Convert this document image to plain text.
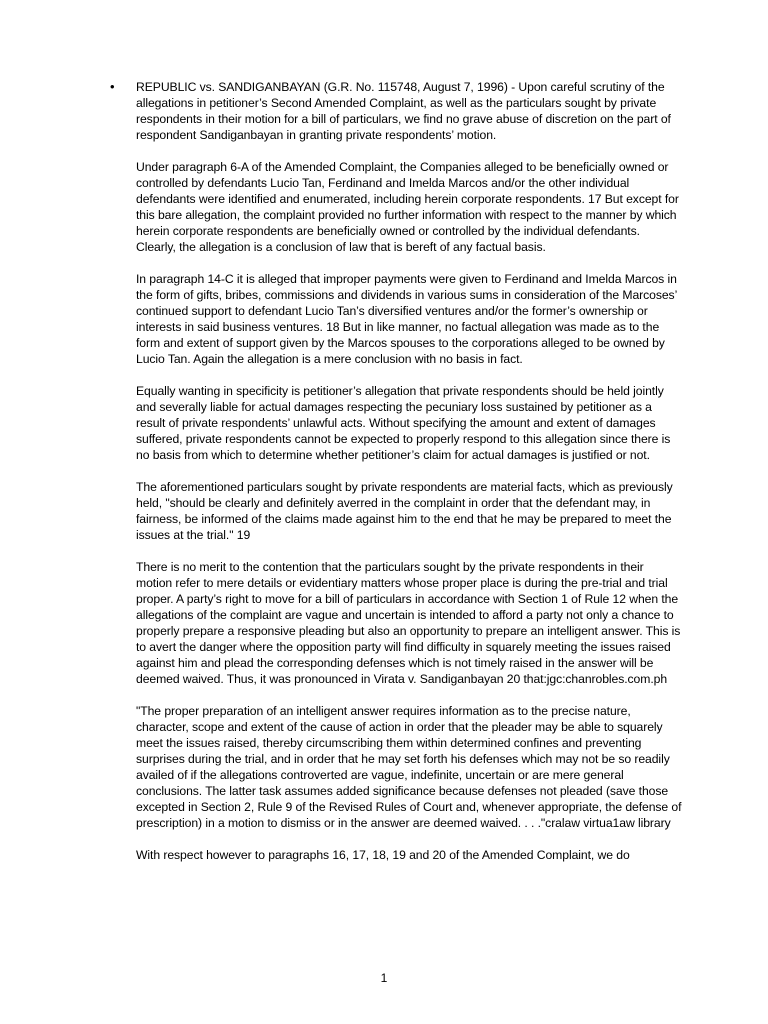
• REPUBLIC vs. SANDIGANBAYAN (G.R. No. 115748, August 7, 1996) - Upon careful scrutiny of the allegations in petitioner’s Second Amended Complaint, as well as the particulars sought by private respondents in their motion for a bill of particulars, we find no grave abuse of discretion on the part of respondent Sandiganbayan in granting private respondents’ motion.

Under paragraph 6-A of the Amended Complaint, the Companies alleged to be beneficially owned or controlled by defendants Lucio Tan, Ferdinand and Imelda Marcos and/or the other individual defendants were identified and enumerated, including herein corporate respondents. 17 But except for this bare allegation, the complaint provided no further information with respect to the manner by which herein corporate respondents are beneficially owned or controlled by the individual defendants. Clearly, the allegation is a conclusion of law that is bereft of any factual basis.

In paragraph 14-C it is alleged that improper payments were given to Ferdinand and Imelda Marcos in the form of gifts, bribes, commissions and dividends in various sums in consideration of the Marcoses’ continued support to defendant Lucio Tan’s diversified ventures and/or the former’s ownership or interests in said business ventures. 18 But in like manner, no factual allegation was made as to the form and extent of support given by the Marcos spouses to the corporations alleged to be owned by Lucio Tan. Again the allegation is a mere conclusion with no basis in fact.

Equally wanting in specificity is petitioner’s allegation that private respondents should be held jointly and severally liable for actual damages respecting the pecuniary loss sustained by petitioner as a result of private respondents’ unlawful acts. Without specifying the amount and extent of damages suffered, private respondents cannot be expected to properly respond to this allegation since there is no basis from which to determine whether petitioner’s claim for actual damages is justified or not.

The aforementioned particulars sought by private respondents are material facts, which as previously held, "should be clearly and definitely averred in the complaint in order that the defendant may, in fairness, be informed of the claims made against him to the end that he may be prepared to meet the issues at the trial." 19

There is no merit to the contention that the particulars sought by the private respondents in their motion refer to mere details or evidentiary matters whose proper place is during the pre-trial and trial proper. A party’s right to move for a bill of particulars in accordance with Section 1 of Rule 12 when the allegations of the complaint are vague and uncertain is intended to afford a party not only a chance to properly prepare a responsive pleading but also an opportunity to prepare an intelligent answer. This is to avert the danger where the opposition party will find difficulty in squarely meeting the issues raised against him and plead the corresponding defenses which is not timely raised in the answer will be deemed waived. Thus, it was pronounced in Virata v. Sandiganbayan 20 that:jgc:chanrobles.com.ph

"The proper preparation of an intelligent answer requires information as to the precise nature, character, scope and extent of the cause of action in order that the pleader may be able to squarely meet the issues raised, thereby circumscribing them within determined confines and preventing surprises during the trial, and in order that he may set forth his defenses which may not be so readily availed of if the allegations controverted are vague, indefinite, uncertain or are mere general conclusions. The latter task assumes added significance because defenses not pleaded (save those excepted in Section 2, Rule 9 of the Revised Rules of Court and, whenever appropriate, the defense of prescription) in a motion to dismiss or in the answer are deemed waived. . . ."cralaw virtua1aw library

With respect however to paragraphs 16, 17, 18, 19 and 20 of the Amended Complaint, we do

1
